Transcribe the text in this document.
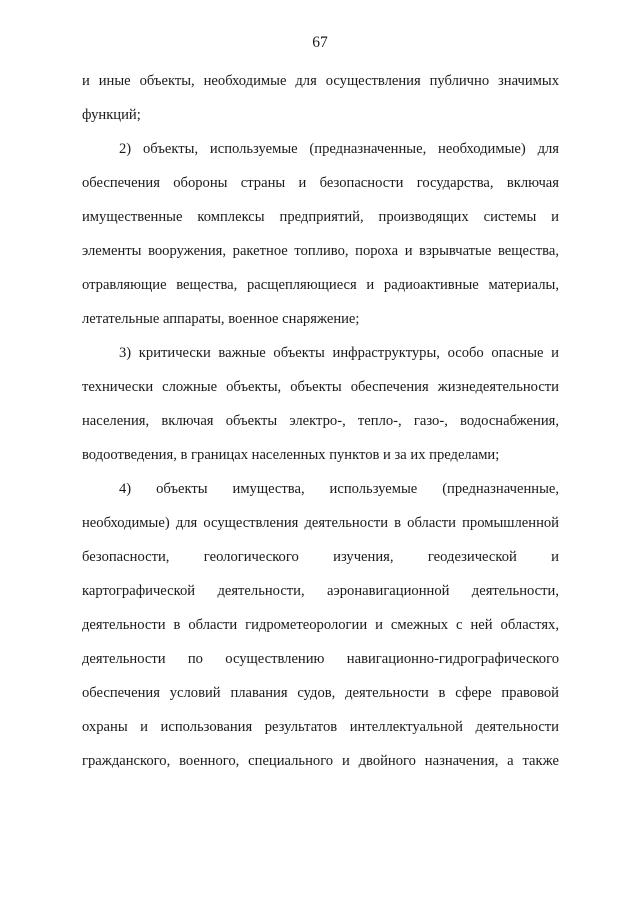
67
и иные объекты, необходимые для осуществления публично значимых
функций;
2) объекты, используемые (предназначенные, необходимые) для
обеспечения обороны страны и безопасности государства, включая
имущественные комплексы предприятий, производящих системы и
элементы вооружения, ракетное топливо, пороха и взрывчатые вещества,
отравляющие вещества, расщепляющиеся и радиоактивные материалы,
летательные аппараты, военное снаряжение;
3) критически важные объекты инфраструктуры, особо опасные и
технически сложные объекты, объекты обеспечения жизнедеятельности
населения, включая объекты электро-, тепло-, газо-, водоснабжения,
водоотведения, в границах населенных пунктов и за их пределами;
4) объекты имущества, используемые (предназначенные,
необходимые) для осуществления деятельности в области промышленной
безопасности, геологического изучения, геодезической и
картографической деятельности, аэронавигационной деятельности,
деятельности в области гидрометеорологии и смежных с ней областях,
деятельности по осуществлению навигационно-гидрографического
обеспечения условий плавания судов, деятельности в сфере правовой
охраны и использования результатов интеллектуальной деятельности
гражданского, военного, специального и двойного назначения, а также
